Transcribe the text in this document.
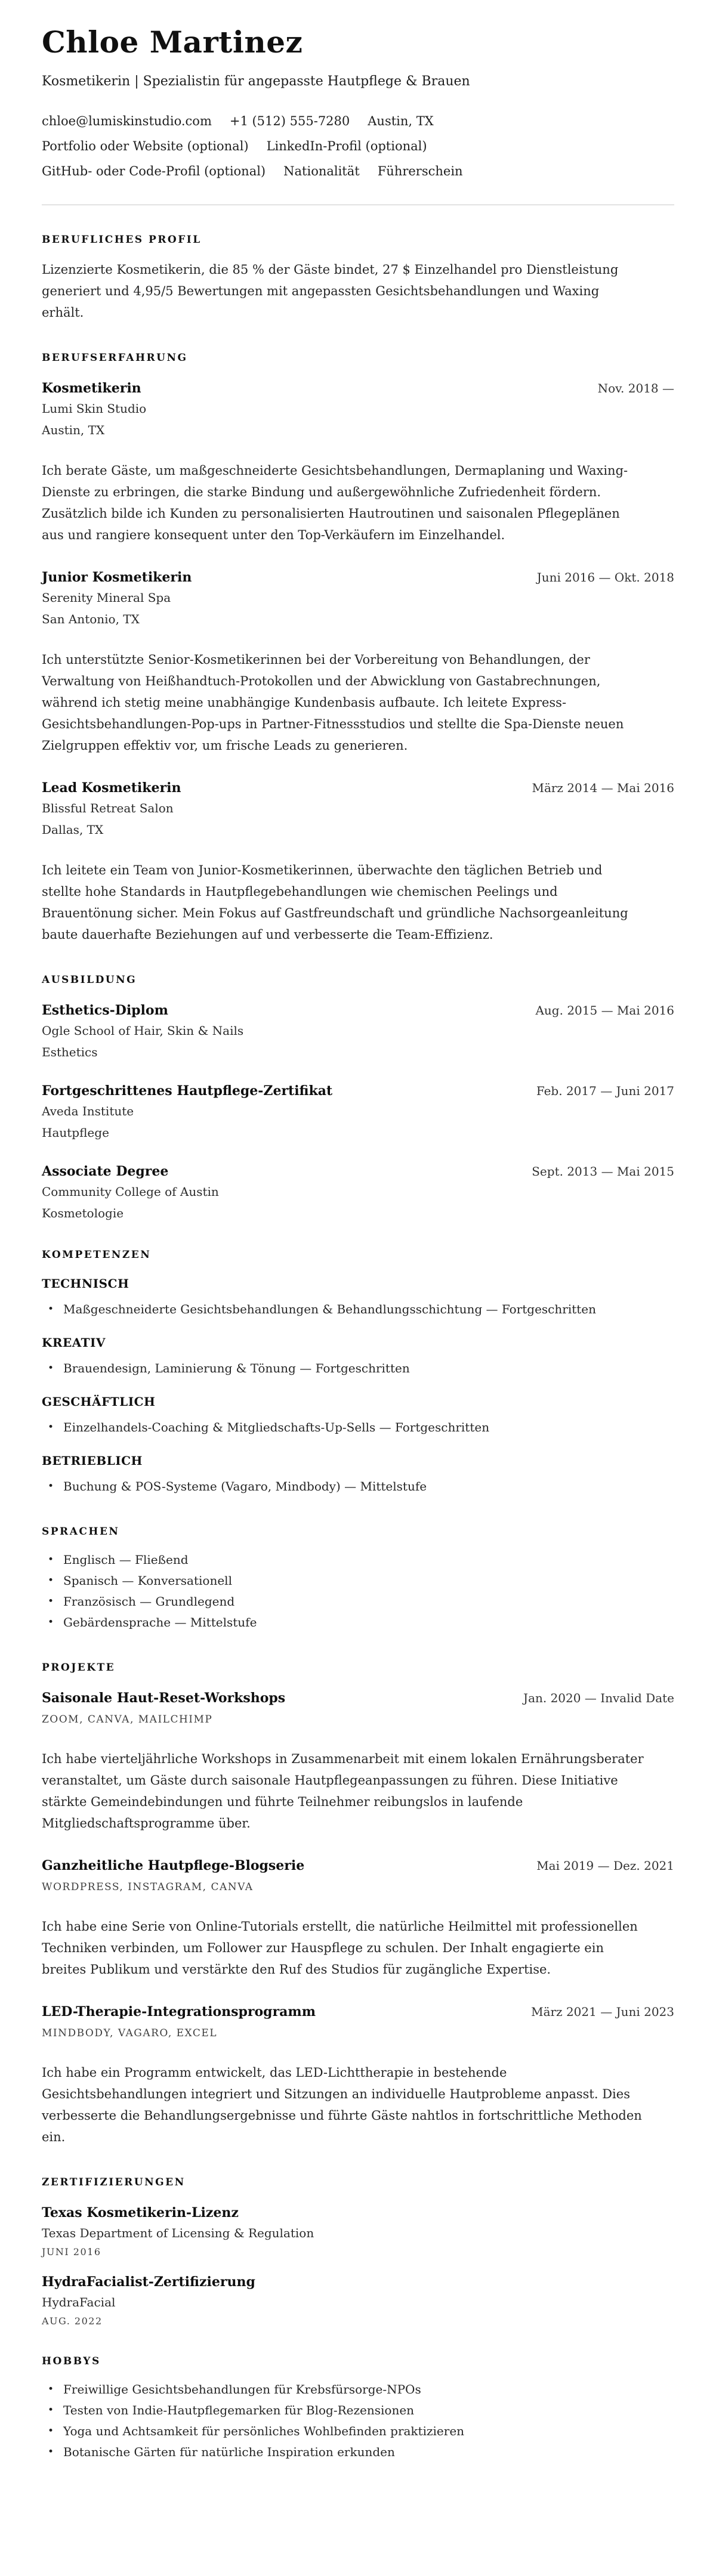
Chloe Martinez
Kosmetikerin | Spezialistin für angepasste Hautpflege & Brauen
chloe@lumiskinstudio.com +1 (512) 555-7280 Austin, TX
Portfolio oder Website (optional) LinkedIn-Profil (optional)
GitHub- oder Code-Profil (optional) Nationalität Führerschein
BERUFLICHES PROFIL

Lizenzierte Kosmetikerin, die 85 % der Gäste bindet, 27 $ Einzelhandel pro Dienstleistung generiert und 4,95/5 Bewertungen mit angepassten Gesichtsbehandlungen und Waxing erhält.

BERUFSERFAHRUNG
Kosmetikerin	Nov. 2018 —
Lumi Skin Studio
Austin, TX

Ich berate Gäste, um maßgeschneiderte Gesichtsbehandlungen, Dermaplaning und Waxing-Dienste zu erbringen, die starke Bindung und außergewöhnliche Zufriedenheit fördern. Zusätzlich bilde ich Kunden zu personalisierten Hautroutinen und saisonalen Pflegeplänen aus und rangiere konsequent unter den Top-Verkäufern im Einzelhandel.

Junior Kosmetikerin	Juni 2016 — Okt. 2018
Serenity Mineral Spa
San Antonio, TX

Ich unterstützte Senior-Kosmetikerinnen bei der Vorbereitung von Behandlungen, der Verwaltung von Heißhandtuch-Protokollen und der Abwicklung von Gastabrechnungen, während ich stetig meine unabhängige Kundenbasis aufbaute. Ich leitete Express-Gesichtsbehandlungen-Pop-ups in Partner-Fitnessstudios und stellte die Spa-Dienste neuen Zielgruppen effektiv vor, um frische Leads zu generieren.

Lead Kosmetikerin	März 2014 — Mai 2016
Blissful Retreat Salon
Dallas, TX

Ich leitete ein Team von Junior-Kosmetikerinnen, überwachte den täglichen Betrieb und stellte hohe Standards in Hautpflegebehandlungen wie chemischen Peelings und Brauentönung sicher. Mein Fokus auf Gastfreundschaft und gründliche Nachsorgeanleitung baute dauerhafte Beziehungen auf und verbesserte die Team-Effizienz.

AUSBILDUNG
Esthetics-Diplom	Aug. 2015 — Mai 2016
Ogle School of Hair, Skin & Nails
Esthetics
Fortgeschrittenes Hautpflege-Zertifikat	Feb. 2017 — Juni 2017
Aveda Institute
Hautpflege
Associate Degree	Sept. 2013 — Mai 2015
Community College of Austin
Kosmetologie
KOMPETENZEN
TECHNISCH
• Maßgeschneiderte Gesichtsbehandlungen & Behandlungsschichtung — Fortgeschritten
KREATIV
• Brauendesign, Laminierung & Tönung — Fortgeschritten
GESCHÄFTLICH
• Einzelhandels-Coaching & Mitgliedschafts-Up-Sells — Fortgeschritten
BETRIEBLICH
• Buchung & POS-Systeme (Vagaro, Mindbody) — Mittelstufe
SPRACHEN
• Englisch — Fließend
• Spanisch — Konversationell
• Französisch — Grundlegend
• Gebärdensprache — Mittelstufe
PROJEKTE
Saisonale Haut-Reset-Workshops	Jan. 2020 — Invalid Date
ZOOM, CANVA, MAILCHIMP

Ich habe vierteljährliche Workshops in Zusammenarbeit mit einem lokalen Ernährungsberater veranstaltet, um Gäste durch saisonale Hautpflegeanpassungen zu führen. Diese Initiative stärkte Gemeindebindungen und führte Teilnehmer reibungslos in laufende Mitgliedschaftsprogramme über.

Ganzheitliche Hautpflege-Blogserie	Mai 2019 — Dez. 2021
WORDPRESS, INSTAGRAM, CANVA

Ich habe eine Serie von Online-Tutorials erstellt, die natürliche Heilmittel mit professionellen Techniken verbinden, um Follower zur Hauspflege zu schulen. Der Inhalt engagierte ein breites Publikum und verstärkte den Ruf des Studios für zugängliche Expertise.

LED-Therapie-Integrationsprogramm	März 2021 — Juni 2023
MINDBODY, VAGARO, EXCEL

Ich habe ein Programm entwickelt, das LED-Lichttherapie in bestehende Gesichtsbehandlungen integriert und Sitzungen an individuelle Hautprobleme anpasst. Dies verbesserte die Behandlungsergebnisse und führte Gäste nahtlos in fortschrittliche Methoden ein.

ZERTIFIZIERUNGEN
Texas Kosmetikerin-Lizenz
Texas Department of Licensing & Regulation
JUNI 2016
HydraFacialist-Zertifizierung
HydraFacial
AUG. 2022
HOBBYS
• Freiwillige Gesichtsbehandlungen für Krebsfürsorge-NPOs
• Testen von Indie-Hautpflegemarken für Blog-Rezensionen
• Yoga und Achtsamkeit für persönliches Wohlbefinden praktizieren
• Botanische Gärten für natürliche Inspiration erkunden
